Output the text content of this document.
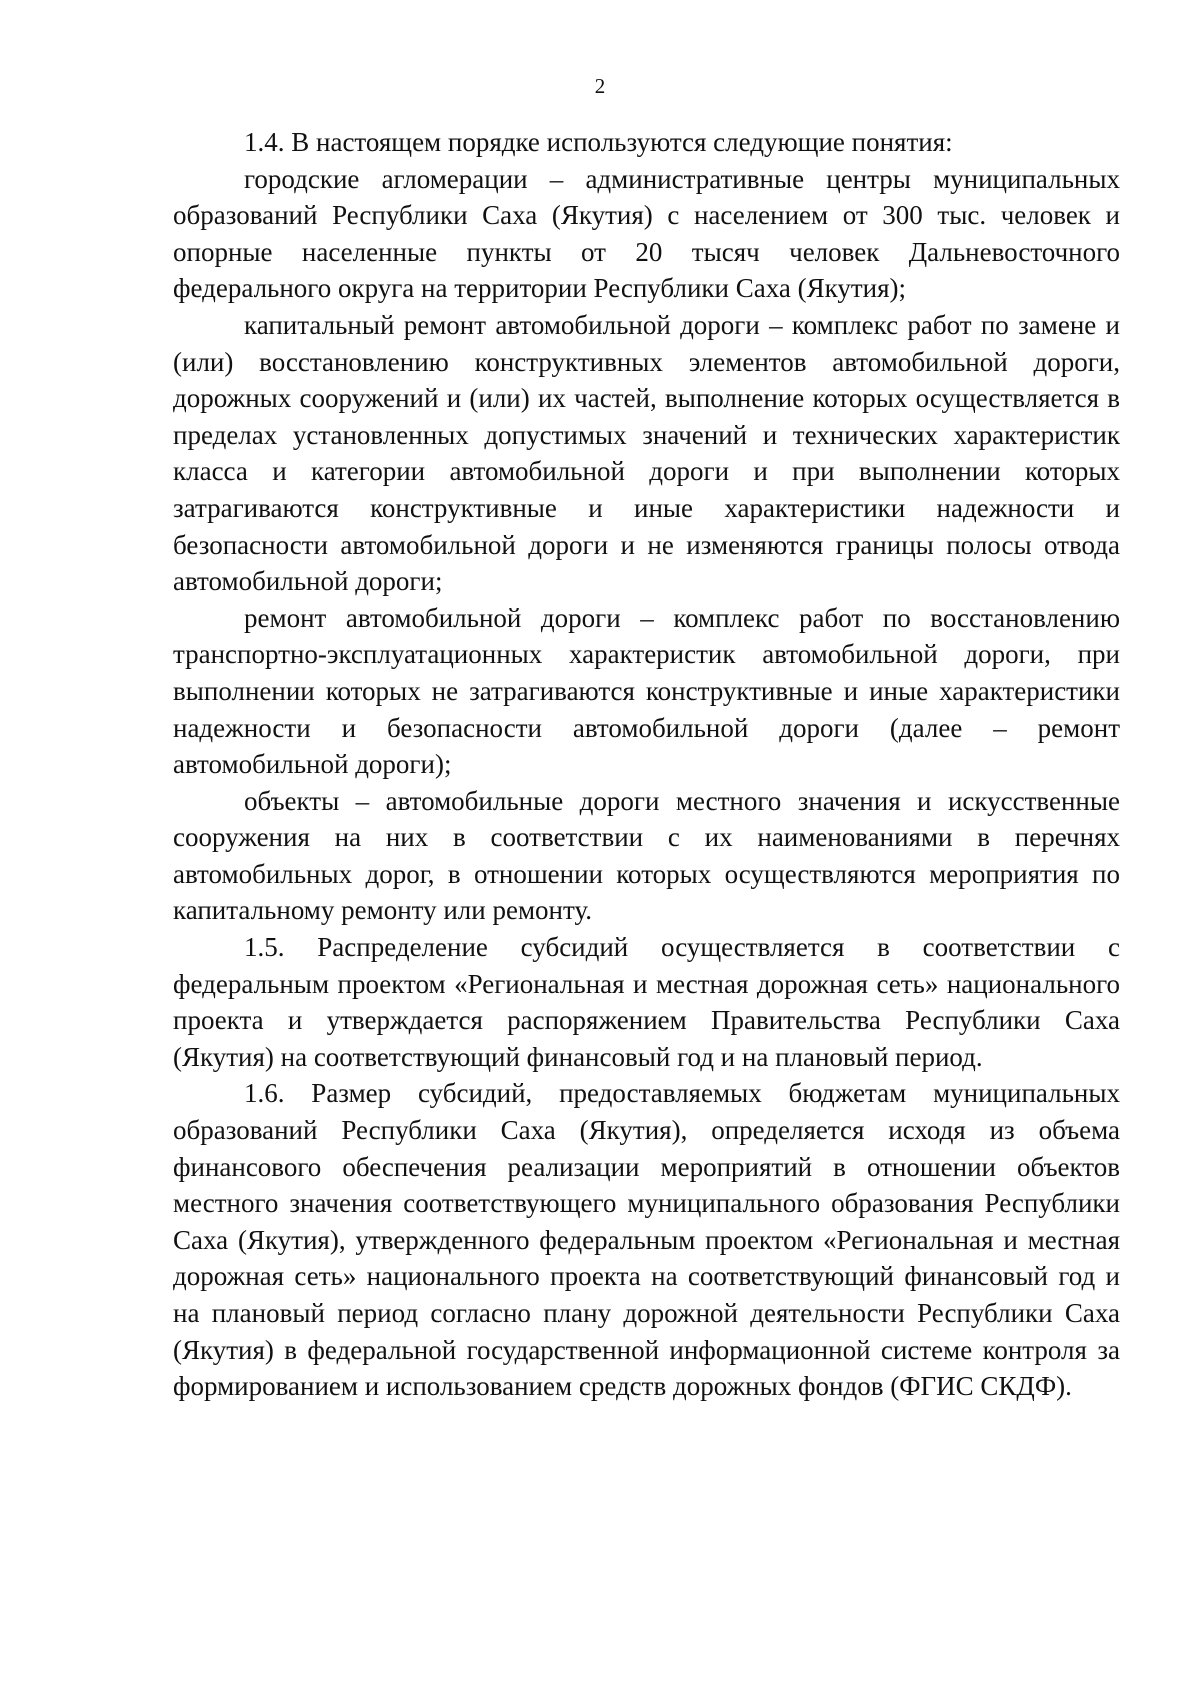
2

1.4. В настоящем порядке используются следующие понятия:

городские агломерации – административные центры муниципальных образований Республики Саха (Якутия) с населением от 300 тыс. человек и опорные населенные пункты от 20 тысяч человек Дальневосточного федерального округа на территории Республики Саха (Якутия);

капитальный ремонт автомобильной дороги – комплекс работ по замене и (или) восстановлению конструктивных элементов автомобильной дороги, дорожных сооружений и (или) их частей, выполнение которых осуществляется в пределах установленных допустимых значений и технических характеристик класса и категории автомобильной дороги и при выполнении которых затрагиваются конструктивные и иные характеристики надежности и безопасности автомобильной дороги и не изменяются границы полосы отвода автомобильной дороги;

ремонт автомобильной дороги – комплекс работ по восстановлению транспортно-эксплуатационных характеристик автомобильной дороги, при выполнении которых не затрагиваются конструктивные и иные характеристики надежности и безопасности автомобильной дороги (далее – ремонт автомобильной дороги);

объекты – автомобильные дороги местного значения и искусственные сооружения на них в соответствии с их наименованиями в перечнях автомобильных дорог, в отношении которых осуществляются мероприятия по капитальному ремонту или ремонту.

1.5. Распределение субсидий осуществляется в соответствии с федеральным проектом «Региональная и местная дорожная сеть» национального проекта и утверждается распоряжением Правительства Республики Саха (Якутия) на соответствующий финансовый год и на плановый период.

1.6. Размер субсидий, предоставляемых бюджетам муниципальных образований Республики Саха (Якутия), определяется исходя из объема финансового обеспечения реализации мероприятий в отношении объектов местного значения соответствующего муниципального образования Республики Саха (Якутия), утвержденного федеральным проектом «Региональная и местная дорожная сеть» национального проекта на соответствующий финансовый год и на плановый период согласно плану дорожной деятельности Республики Саха (Якутия) в федеральной государственной информационной системе контроля за формированием и использованием средств дорожных фондов (ФГИС СКДФ).
